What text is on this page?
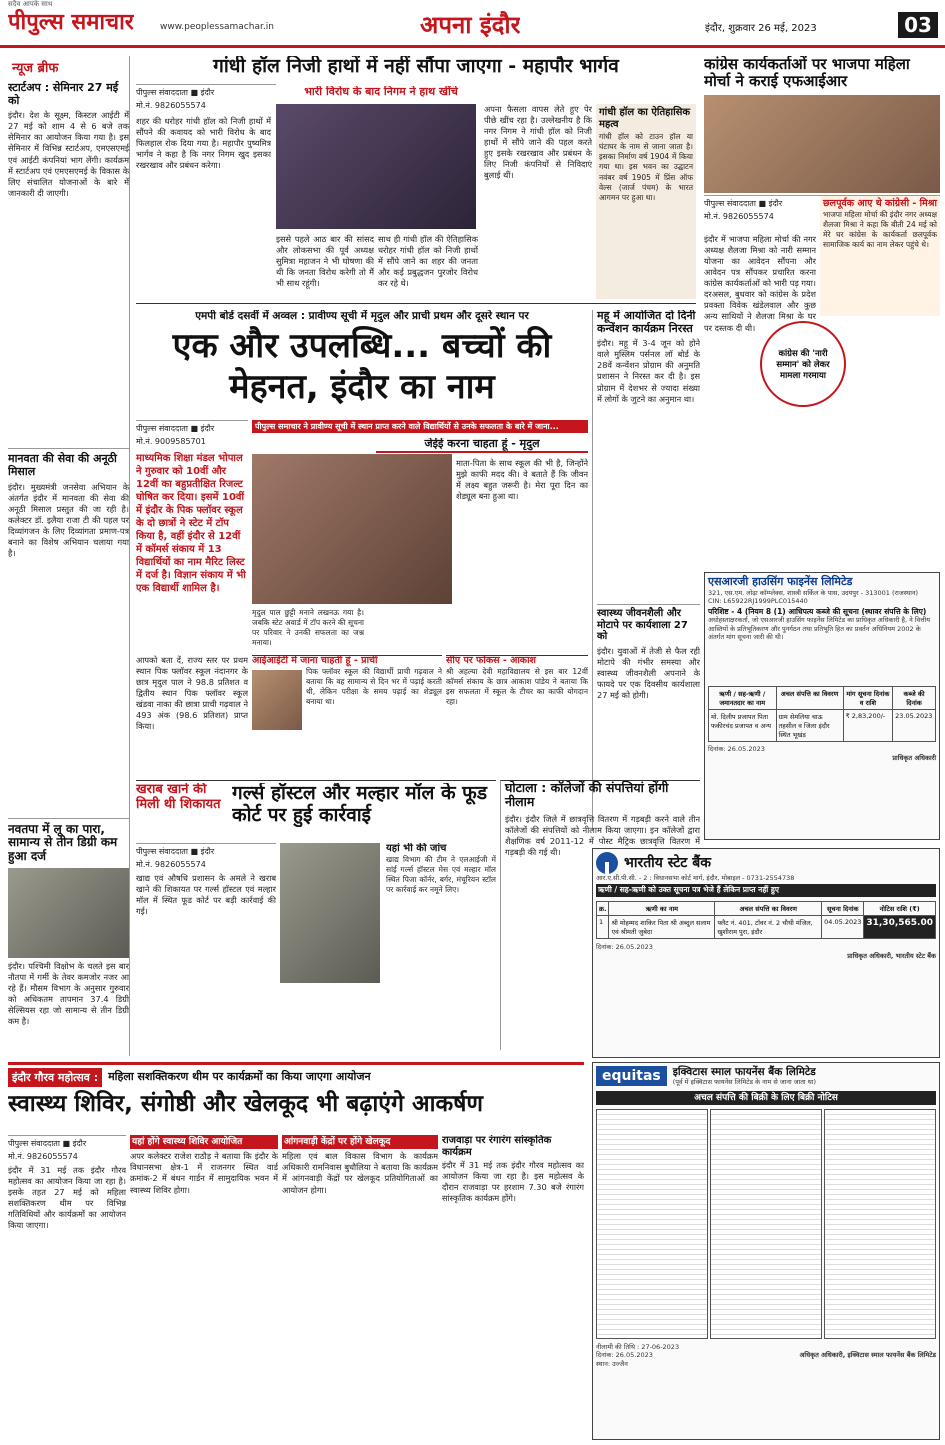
सदैव आपके साथ
पीपुल्स समाचार	www.peoplessamachar.in	अपना इंदौर	इंदौर, शुक्रवार 26 मई, 2023	03
न्यूज ब्रीफ
स्टार्टअप : सेमिनार 27 मई को
इंदौर। देश के सूक्ष्म, किस्टल आईटी में 27 मई को शाम 4 से 6 बजे तक सेमिनार का आयोजन किया गया है। इस सेमिनार में विभिन्न स्टार्टअप, एमएसएमई एवं आईटी कंपनियां भाग लेंगी। कार्यक्रम में स्टार्टअप एवं एमएसएमई के विकास के लिए संचालित योजनाओं के बारे में जानकारी दी जाएगी।
मानवता की सेवा की अनूठी मिसाल
इंदौर। मुख्यमंत्री जनसेवा अभियान के अंतर्गत इंदौर में मानवता की सेवा की अनूठी मिसाल प्रस्तुत की जा रही है। कलेक्टर डॉ. इलैया राजा टी की पहल पर दिव्यांगजन के लिए दिव्यांगता प्रमाण-पत्र बनाने का विशेष अभियान चलाया गया है।
नवतपा में लू का पारा, सामान्य से तीन डिग्री कम हुआ दर्ज
इंदौर। पश्चिमी विक्षोभ के चलते इस बार नौतपा में गर्मी के तेवर कमजोर नजर आ रहे हैं। मौसम विभाग के अनुसार गुरुवार को अधिकतम तापमान 37.4 डिग्री सेल्सियस रहा जो सामान्य से तीन डिग्री कम है।
गांधी हॉल निजी हाथों में नहीं सौंपा जाएगा - महापौर भार्गव
पीपुल्स संवाददाता ■ इंदौर
मो.नं. 9826055574
भारी विरोध के बाद निगम ने हाथ खींचे
शहर की धरोहर गांधी हॉल को निजी हाथों में सौंपने की कवायद को भारी विरोध के बाद फिलहाल रोक दिया गया है। महापौर पुष्यमित्र भार्गव ने कहा है कि नगर निगम खुद इसका रखरखाव और प्रबंधन करेगा।
इससे पहले आठ बार की सांसद और लोकसभा की पूर्व अध्यक्ष सुमित्रा महाजन ने भी घोषणा की थी कि जनता विरोध करेगी तो मैं भी साथ रहूंगी।
साथ ही गांधी हॉल की ऐतिहासिक धरोहर गांधी हॉल को निजी हाथों में सौंपे जाने का शहर की जनता और कई प्रबुद्धजन पुरजोर विरोध कर रहे थे।
अपना फैसला वापस लेते हुए पेर पीछे खींच रहा है। उल्लेखनीय है कि नगर निगम ने गांधी हॉल को निजी हाथों में सौंपे जाने की पहल करते हुए इसके रखरखाव और प्रबंधन के लिए निजी कंपनियों से निविदाएं बुलाई थीं।
गांधी हॉल का ऐतिहासिक महत्व
गांधी हॉल को टाउन हॉल या घंटाघर के नाम से जाना जाता है। इसका निर्माण वर्ष 1904 में किया गया था। इस भवन का उद्घाटन नवंबर वर्ष 1905 में प्रिंस ऑफ वेल्स (जार्ज पंचम) के भारत आगमन पर हुआ था।
कांग्रेस कार्यकर्ताओं पर भाजपा महिला मोर्चा ने कराई एफआईआर
पीपुल्स संवाददाता ■ इंदौर
मो.नं. 9826055574
इंदौर में भाजपा महिला मोर्चा की नगर अध्यक्ष शैलजा मिश्रा को नारी सम्मान योजना का आवेदन सौंपना और आवेदन पत्र सौंपकर प्रचारित करना कांग्रेस कार्यकर्ताओं को भारी पड़ गया। दरअसल, बुधवार को कांग्रेस के प्रदेश प्रवक्ता विवेक खंडेलवाल और कुछ अन्य साथियों ने शैलजा मिश्रा के घर पर दस्तक दी थी।
छलपूर्वक आए थे कांग्रेसी - मिश्रा
भाजपा महिला मोर्चा की इंदौर नगर अध्यक्ष शैलजा मिश्रा ने कहा कि बीती 24 मई को मेरे घर कांग्रेस के कार्यकर्ता छलपूर्वक सामाजिक कार्य का नाम लेकर पहुंचे थे।
कांग्रेस की 'नारी सम्मान' को लेकर मामला गरमाया
एमपी बोर्ड दसवीं में अव्वल : प्रावीण्य सूची में मृदुल और प्राची प्रथम और दूसरे स्थान पर
एक और उपलब्धि... बच्चों की मेहनत, इंदौर का नाम
पीपुल्स संवाददाता ■ इंदौर
मो.नं. 9009585701
पीपुल्स समाचार ने प्रावीण्य सूची में स्थान प्राप्त करने वाले विद्यार्थियों से उनके सफलता के बारे में जाना...
जेईई करना चाहता हूं - मृदुल
माध्यमिक शिक्षा मंडल भोपाल ने गुरुवार को 10वीं और 12वीं का बहुप्रतीक्षित रिजल्ट घोषित कर दिया। इसमें 10वीं में इंदौर के पिक फ्लॉवर स्कूल के दो छात्रों ने स्टेट में टॉप किया है, वहीं इंदौर से 12वीं में कॉमर्स संकाय में 13 विद्यार्थियों का नाम मैरिट लिस्ट में दर्ज है। विज्ञान संकाय में भी एक विद्यार्थी शामिल है।
मृदुल पाल छुट्टी मनाने लखनऊ गया है। जबकि स्टेट अवार्ड में टॉप करने की सूचना पर परिवार ने उनकी सफलता का जश्न मनाया।
माता-पिता के साथ स्कूल की भी है, जिन्होंने मुझे काफी मदद की। वे बताते हैं कि जीवन में लक्ष्य बहुत जरूरी है। मेरा पूरा दिन का शेड्यूल बना हुआ था।
आपको बता दें, राज्य स्तर पर प्रथम स्थान पिक फ्लॉवर स्कूल नंदानगर के छात्र मृदुल पाल ने 98.8 प्रतिशत व द्वितीय स्थान पिक फ्लॉवर स्कूल खंडवा नाका की छात्रा प्राची गढ़वाल ने 493 अंक (98.6 प्रतिशत) प्राप्त किया।
आईआईटी में जाना चाहती हूं - प्राची
पिक फ्लॉवर स्कूल की विद्यार्थी प्राची गढ़वाल ने बताया कि वह सामान्य से दिन भर में पढ़ाई करती थी, लेकिन परीक्षा के समय पढ़ाई का शेड्यूल बनाया था।
सीए पर फोकस - आकाश
श्री अहल्या देवी महाविद्यालय से इस बार 12वीं कॉमर्स संकाय के छात्र आकाश पांडेय ने बताया कि इस सफलता में स्कूल के टीचर का काफी योगदान रहा।
महू में आयोजित दो दिनी कन्वेंशन कार्यक्रम निरस्त
इंदौर। महू में 3-4 जून को होने वाले मुस्लिम पर्सनल लॉ बोर्ड के 28वें कन्वेंशन प्रोग्राम की अनुमति प्रशासन ने निरस्त कर दी है। इस प्रोग्राम में देशभर से ज्यादा संख्या में लोगों के जुटने का अनुमान था।
स्वास्थ्य जीवनशैली और मोटापे पर कार्यशाला 27 को
इंदौर। युवाओं में तेजी से फैल रही मोटापे की गंभीर समस्या और स्वास्थ्य जीवनशैली अपनाने के फायदे पर एक दिवसीय कार्यशाला 27 मई को होगी।
एसआरजी हाउसिंग फाइनेंस लिमिटेड
321, एस.एम. लोढ़ा कॉम्प्लेक्स, शास्त्री सर्किल के पास, उदयपुर - 313001 (राजस्थान)
CIN: L65922RJ1999PLC015440
परिशिष्ट - 4 (नियम 8 (1) आधिपत्य कब्जे की सूचना (स्थावर संपत्ति के लिए)
अधोहस्ताक्षरकर्ता, जो एसआरजी हाउसिंग फाइनेंस लिमिटेड का प्राधिकृत अधिकारी है, ने वित्तीय आस्तियों के प्रतिभूतिकरण और पुनर्गठन तथा प्रतिभूति हित का प्रवर्तन अधिनियम 2002 के अंतर्गत मांग सूचना जारी की थी।
ऋणी / सह-ऋणी / जमानतदार का नाम	अचल संपत्ति का विवरण	मांग सूचना दिनांक व राशि	कब्जे की दिनांक
मो. दिलीप प्रजापत पिता फकीरचंद प्रजापत व अन्य	ग्राम सेमलिया चाऊ तहसील व जिला इंदौर स्थित भूखंड	₹ 2,83,200/-	23.05.2023
दिनांक: 26.05.2023
प्राधिकृत अधिकारी
खराब खाने की मिली थी शिकायत
गर्ल्स हॉस्टल और मल्हार मॉल के फूड कोर्ट पर हुई कार्रवाई
पीपुल्स संवाददाता ■ इंदौर
मो.नं. 9826055574
खाद्य एवं औषधि प्रशासन के अमले ने खराब खाने की शिकायत पर गर्ल्स हॉस्टल एवं मल्हार मॉल में स्थित फूड कोर्ट पर बड़ी कार्रवाई की गई।
यहां भी की जांच
खाद्य विभाग की टीम ने एलआईजी में सांई गर्ल्स हॉस्टल मेस एवं मल्हार मॉल स्थित पिजा कॉर्नर, बर्गर, मंचूरियन स्टॉल पर कार्रवाई कर नमूने लिए।
घोटाला : कॉलेजों की संपत्तियां होंगी नीलाम
इंदौर। इंदौर जिले में छात्रवृत्ति वितरण में गड़बड़ी करने वाले तीन कॉलेजों की संपत्तियों को नीलाम किया जाएगा। इन कॉलेजों द्वारा शैक्षणिक वर्ष 2011-12 में पोस्ट मैट्रिक छात्रवृत्ति वितरण में गड़बड़ी की गई थी।
भारतीय स्टेट बैंक
आर.ए.सी.पी.सी. - 2 : विधानसभा कोर्ट मार्ग, इंदौर, मोबाइल - 0731-2554738
ऋणी / सह-ऋणी को उक्त सूचना पत्र भेजे हैं लेकिन प्राप्त नहीं हुए
क्र.	ऋणी का नाम	अचल संपत्ति का विवरण	सूचना दिनांक	नोटिस राशि (₹)
1	श्री मोहम्मद शाकिर पिता श्री अब्दुल सलाम एवं श्रीमती जुबेदा	फ्लैट नं. 401, टॉवर नं. 2 चौथी मंजिल, खुशीराम पुरा, इंदौर	04.05.2023	31,30,565.00
दिनांक: 26.05.2023
प्राधिकृत अधिकारी, भारतीय स्टेट बैंक
इंदौर गौरव महोत्सव : महिला सशक्तिकरण थीम पर कार्यक्रमों का किया जाएगा आयोजन
स्वास्थ्य शिविर, संगोष्ठी और खेलकूद भी बढ़ाएंगे आकर्षण
पीपुल्स संवाददाता ■ इंदौर
मो.नं. 9826055574
इंदौर में 31 मई तक इंदौर गौरव महोत्सव का आयोजन किया जा रहा है। इसके तहत 27 मई को महिला सशक्तिकरण थीम पर विभिन्न गतिविधियों और कार्यक्रमों का आयोजन किया जाएगा।
यहां होंगे स्वास्थ्य शिविर आयोजित
अपर कलेक्टर राजेश राठौड़ ने बताया कि इंदौर के विधानसभा क्षेत्र-1 में राजनगर स्थित वार्ड क्रमांक-2 में बंधन गार्डन में सामुदायिक भवन में स्वास्थ्य शिविर होगा।
आंगनवाड़ी केंद्रों पर होंगे खेलकूद
महिला एवं बाल विकास विभाग के कार्यक्रम अधिकारी रामनिवास बुधौलिया ने बताया कि कार्यक्रम में आंगनवाड़ी केंद्रों पर खेलकूद प्रतियोगिताओं का आयोजन होगा।
राजवाड़ा पर रंगारंग सांस्कृतिक कार्यक्रम
इंदौर में 31 मई तक इंदौर गौरव महोत्सव का आयोजन किया जा रहा है। इस महोत्सव के दौरान राजवाड़ा पर हरशाम 7.30 बजे रंगारंग सांस्कृतिक कार्यक्रम होंगे।
equitas	इक्विटास स्माल फायनेंस बैंक लिमिटेड
(पूर्व में इक्विटास फायनेंस लिमिटेड के नाम से जाना जाता था)
अचल संपत्ति की बिक्री के लिए बिक्री नोटिस
नीलामी की तिथि : 27-06-2023
दिनांक: 26.05.2023
स्थान: उज्जैन
अधिकृत अधिकारी, इक्विटास स्माल फायनेंस बैंक लिमिटेड
